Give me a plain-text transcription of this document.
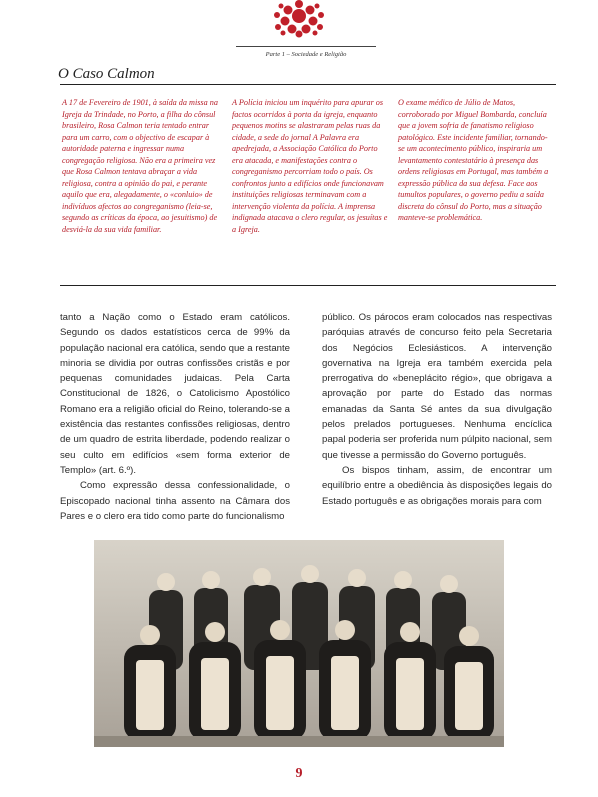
Parte 1 – Sociedade e Religião
O Caso Calmon

A 17 de Fevereiro de 1901, à saída da missa na Igreja da Trindade, no Porto, a filha do cônsul brasileiro, Rosa Calmon teria tentado entrar para um carro, com o objectivo de escapar à autoridade paterna e ingressar numa congregação religiosa. Não era a primeira vez que Rosa Calmon tentava abraçar a vida religiosa, contra a opinião do pai, e perante aquilo que era, alegadamente, o «conluio» de indivíduos afectos ao congreganismo (leia-se, segundo as críticas da época, ao jesuitismo) de desviá-la da sua vida familiar.

A Polícia iniciou um inquérito para apurar os factos ocorridos à porta da igreja, enquanto pequenos motins se alastraram pelas ruas da cidade, a sede do jornal A Palavra era apedrejada, a Associação Católica do Porto era atacada, e manifestações contra o congreganismo percorriam todo o país. Os confrontos junto a edifícios onde funcionavam instituições religiosas terminavam com a intervenção violenta da polícia. A imprensa indignada atacava o clero regular, os jesuítas e a Igreja.

O exame médico de Júlio de Matos, corroborado por Miguel Bombarda, concluía que a jovem sofria de fanatismo religioso patológico. Este incidente familiar, tornando-se um acontecimento público, inspiraria um levantamento contestatário à presença das ordens religiosas em Portugal, mas também a expressão pública da sua defesa. Face aos tumultos populares, o governo pediu a saída discreta do cônsul do Porto, mas a situação manteve-se problemática.

tanto a Nação como o Estado eram católicos. Segundo os dados estatísticos cerca de 99% da população nacional era católica, sendo que a restante minoria se dividia por outras confissões cristãs e por pequenas comunidades judaicas. Pela Carta Constitucional de 1826, o Catolicismo Apostólico Romano era a religião oficial do Reino, tolerando-se a existência das restantes confissões religiosas, dentro de um quadro de estrita liberdade, podendo realizar o seu culto em edifícios «sem forma exterior de Templo» (art. 6.º).

Como expressão dessa confessionalidade, o Episcopado nacional tinha assento na Câmara dos Pares e o clero era tido como parte do funcionalismo

público. Os párocos eram colocados nas respectivas paróquias através de concurso feito pela Secretaria dos Negócios Eclesiásticos. A intervenção governativa na Igreja era também exercida pela prerrogativa do «beneplácito régio», que obrigava a aprovação por parte do Estado das normas emanadas da Santa Sé antes da sua divulgação pelos prelados portugueses. Nenhuma encíclica papal poderia ser proferida num púlpito nacional, sem que tivesse a permissão do Governo português.

Os bispos tinham, assim, de encontrar um equilíbrio entre a obediência às disposições legais do Estado português e as obrigações morais para com

9
